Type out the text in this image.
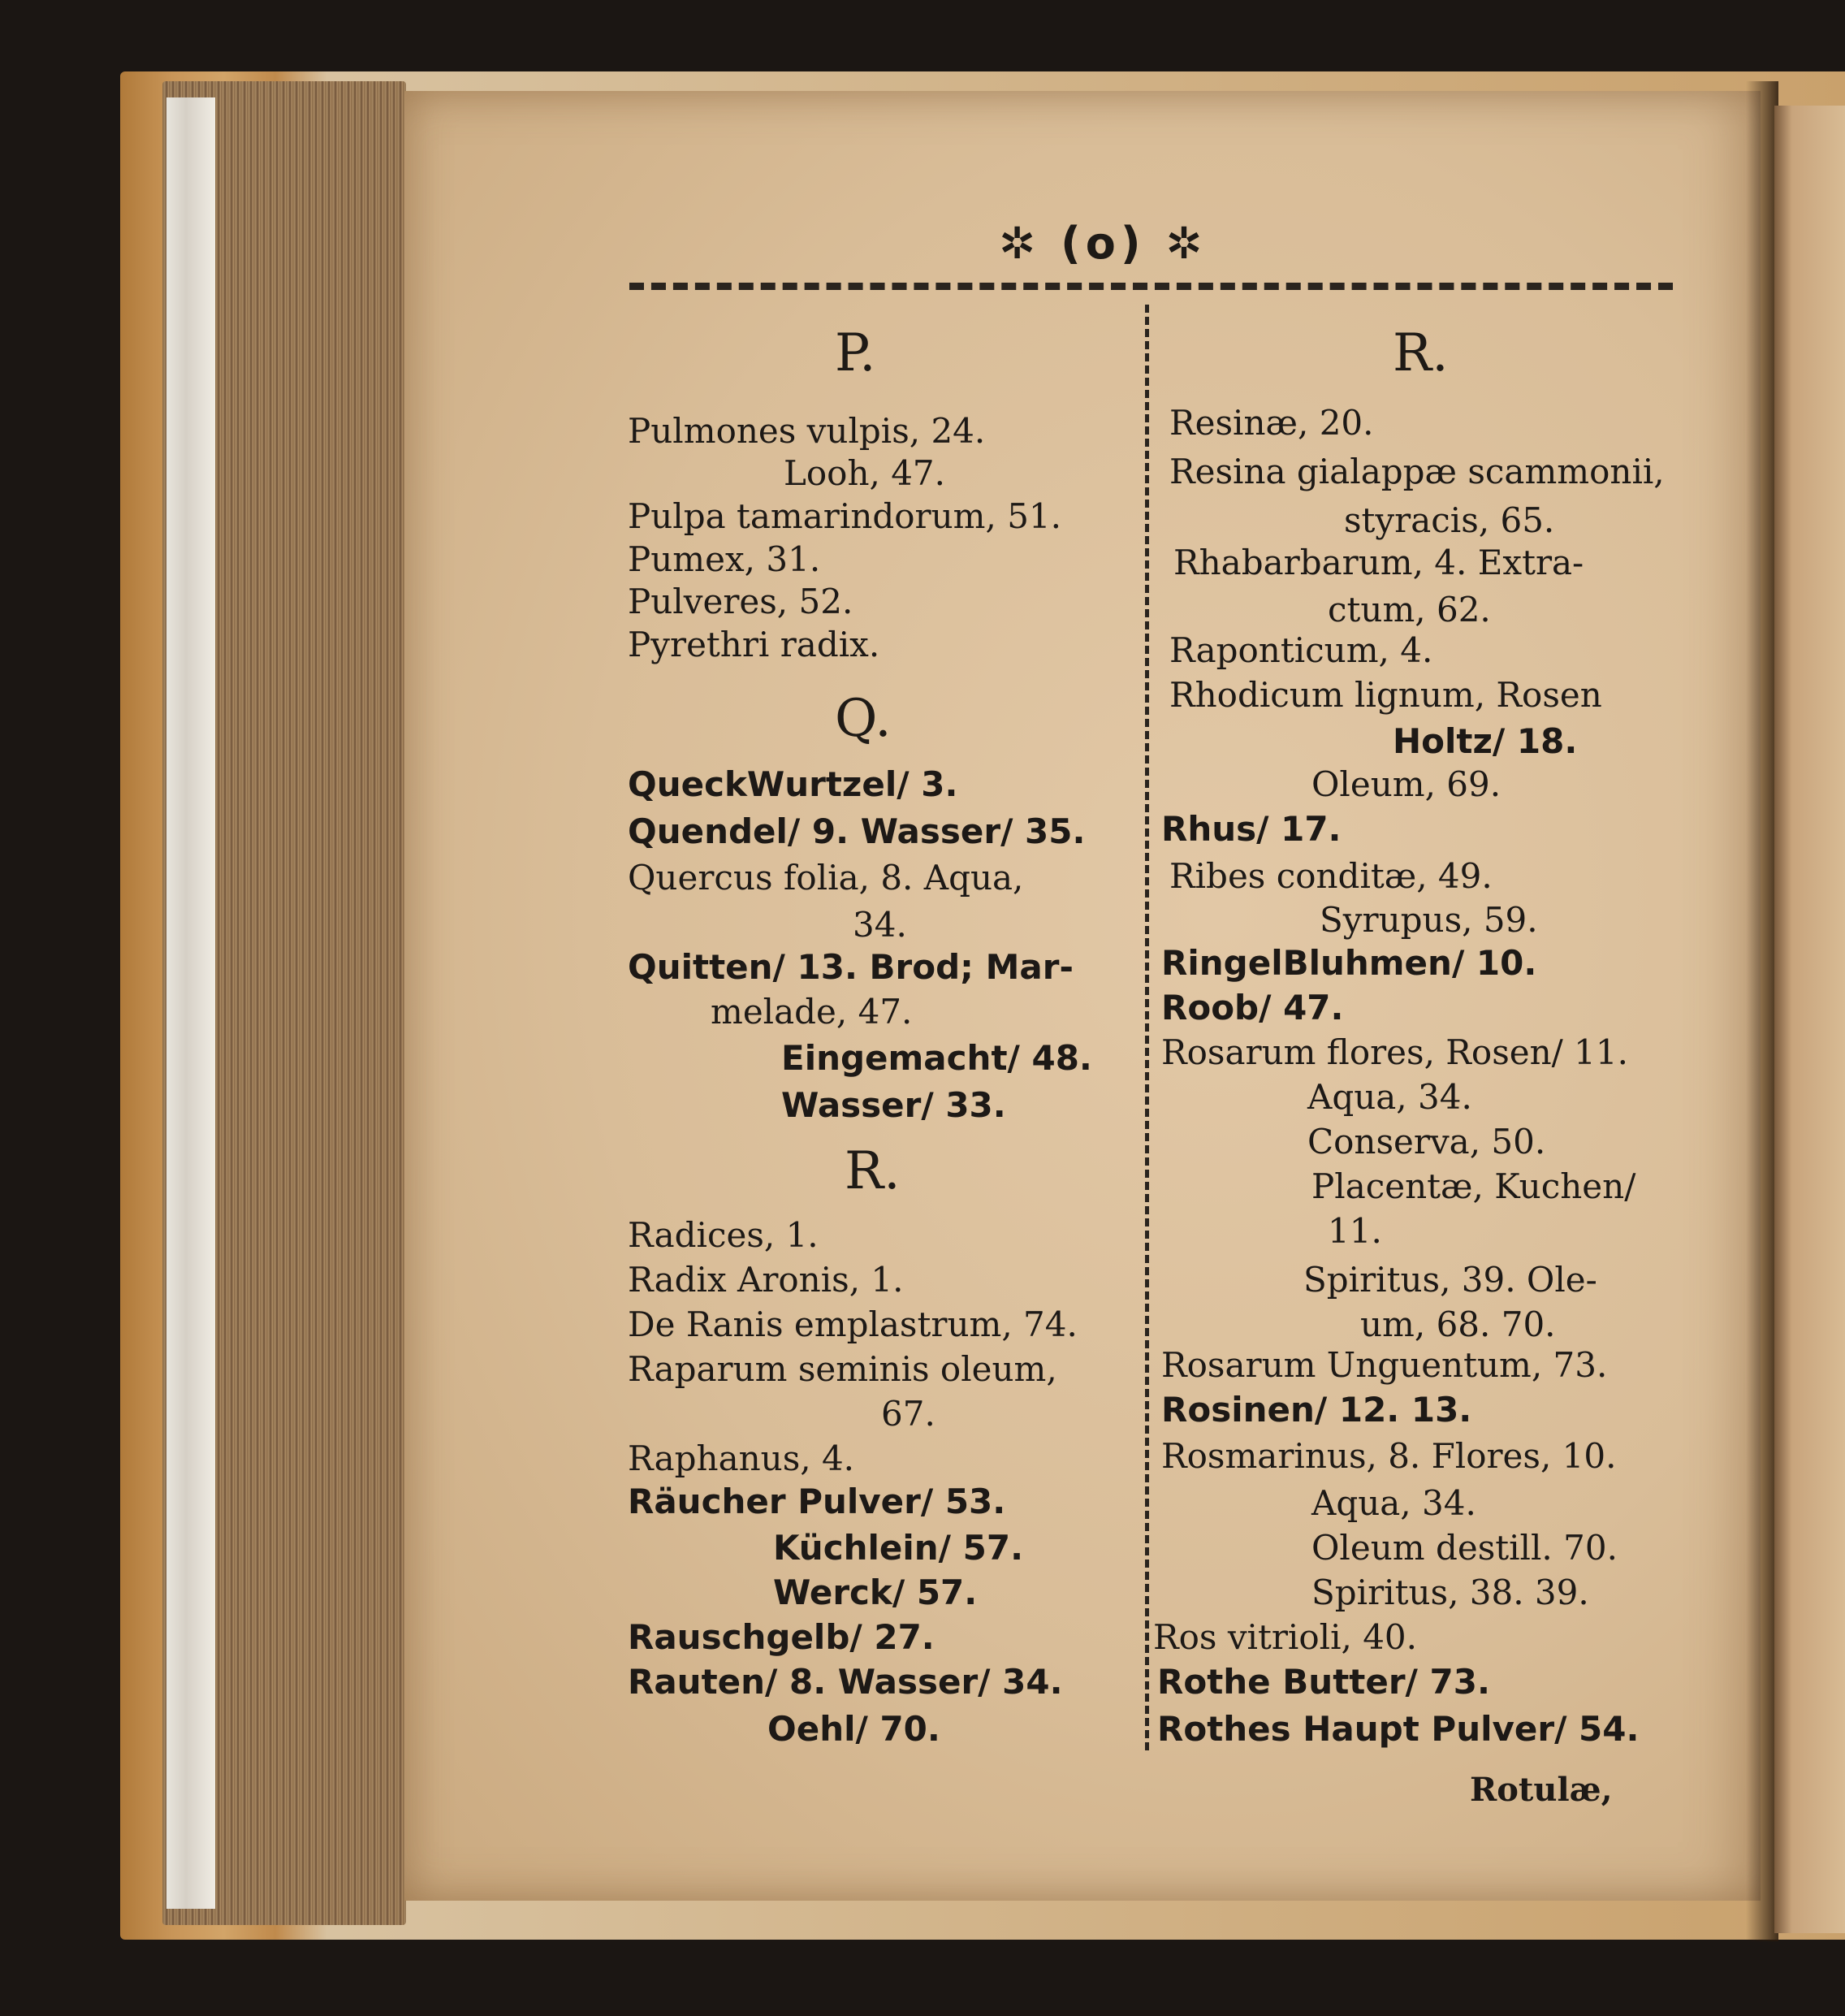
✲ (o) ✲
P.
Pulmones vulpis, 24.
Looh, 47.
Pulpa tamarindorum, 51.
Pumex, 31.
Pulveres, 52.
Pyrethri radix.
Q.
QueckWurtzel/ 3.
Quendel/ 9. Wasser/ 35.
Quercus folia, 8. Aqua,
34.
Quitten/ 13. Brod; Mar-
melade, 47.
Eingemacht/ 48.
Wasser/ 33.
R.
Radices, 1.
Radix Aronis, 1.
De Ranis emplastrum, 74.
Raparum seminis oleum,
67.
Raphanus, 4.
Räucher Pulver/ 53.
Küchlein/ 57.
Werck/ 57.
Rauschgelb/ 27.
Rauten/ 8. Wasser/ 34.
Oehl/ 70.
R.
Resinæ, 20.
Resina gialappæ scammonii,
styracis, 65.
Rhabarbarum, 4. Extra-
ctum, 62.
Raponticum, 4.
Rhodicum lignum, Rosen
Holtz/ 18.
Oleum, 69.
Rhus/ 17.
Ribes conditæ, 49.
Syrupus, 59.
RingelBluhmen/ 10.
Roob/ 47.
Rosarum flores, Rosen/ 11.
Aqua, 34.
Conserva, 50.
Placentæ, Kuchen/
11.
Spiritus, 39. Ole-
um, 68. 70.
Rosarum Unguentum, 73.
Rosinen/ 12. 13.
Rosmarinus, 8. Flores, 10.
Aqua, 34.
Oleum destill. 70.
Spiritus, 38. 39.
Ros vitrioli, 40.
Rothe Butter/ 73.
Rothes Haupt Pulver/ 54.
Rotulæ,
